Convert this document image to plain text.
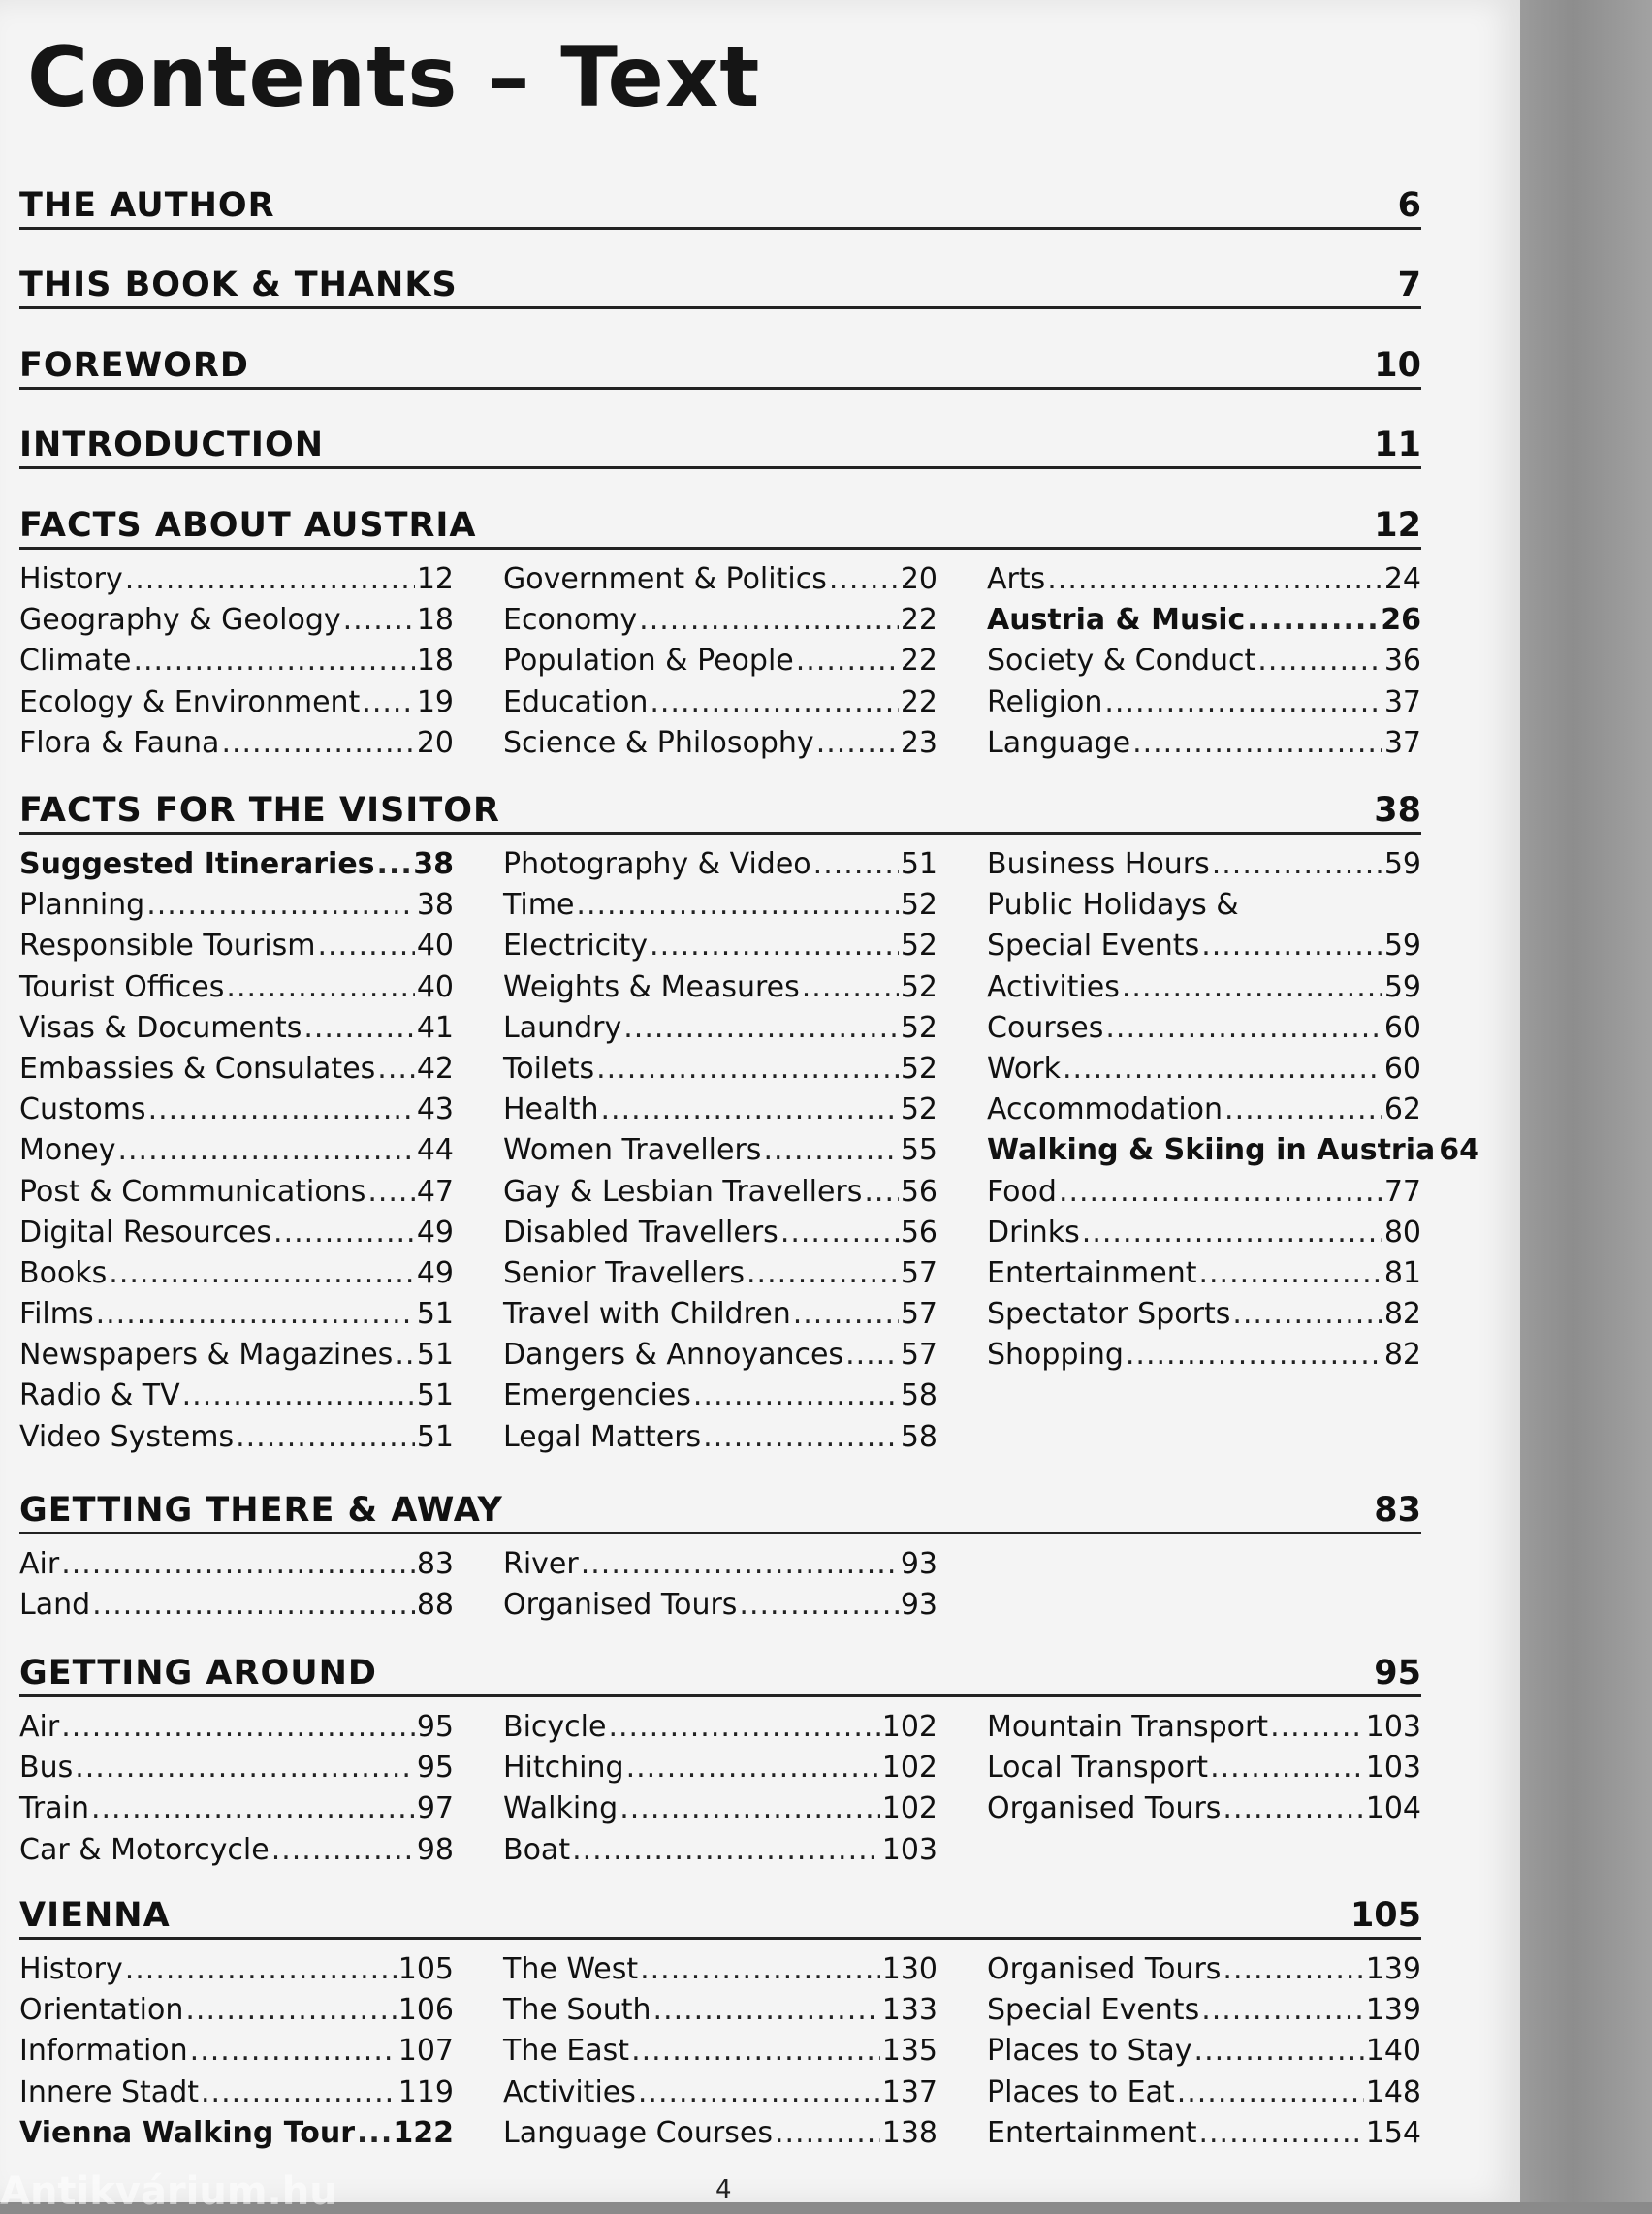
Contents – Text
THE AUTHOR	6
THIS BOOK & THANKS	7
FOREWORD	10
INTRODUCTION	11
FACTS ABOUT AUSTRIA	12
History .....	12
Geography & Geology .....	18
Climate .....	18
Ecology & Environment ..... 19
Flora & Fauna .....	20
Government & Politics .....	20
Economy .....	22
Population & People .....	22
Education .....	22
Science & Philosophy .....	23
Arts .....	24
Austria & Music .....	26
Society & Conduct .....	36
Religion .....	37
Language .....	37
FACTS FOR THE VISITOR	38
Suggested Itineraries ..... 38
Planning .....	38
Responsible Tourism .....	40
Tourist Offices .....	40
Visas & Documents .....	41
Embassies & Consulates ..... 42
Customs .....	43
Money .....	44
Post & Communications ..... 47
Digital Resources .....	49
Books .....	49
Films .....	51
Newspapers & Magazines ..... 51
Radio & TV .....	51
Video Systems .....	51
Photography & Video .....	51
Time .....	52
Electricity .....	52
Weights & Measures .....	52
Laundry .....	52
Toilets .....	52
Health .....	52
Women Travellers .....	55
Gay & Lesbian Travellers ..... 56
Disabled Travellers .....	56
Senior Travellers .....	57
Travel with Children .....	57
Dangers & Annoyances ..... 57
Emergencies .....	58
Legal Matters .....	58
Business Hours .....	59
Public Holidays &
Special Events .....	59
Activities .....	59
Courses .....	60
Work .....	60
Accommodation .....	62
Walking & Skiing in Austria 64
Food .....	77
Drinks .....	80
Entertainment .....	81
Spectator Sports .....	82
Shopping .....	82
GETTING THERE & AWAY	83
Air .....	83
Land .....	88
River .....	93
Organised Tours .....	93
GETTING AROUND	95
Air .....	95
Bus .....	95
Train .....	97
Car & Motorcycle .....	98
Bicycle .....	102
Hitching .....	102
Walking .....	102
Boat .....	103
Mountain Transport .....	103
Local Transport .....	103
Organised Tours .....	104
VIENNA	105
History .....	105
Orientation .....	106
Information .....	107
Innere Stadt .....	119
Vienna Walking Tour ..... 122
The West .....	130
The South .....	133
The East .....	135
Activities .....	137
Language Courses .....	138
Organised Tours .....	139
Special Events .....	139
Places to Stay .....	140
Places to Eat .....	148
Entertainment .....	154
4
Antikvárium.hu
